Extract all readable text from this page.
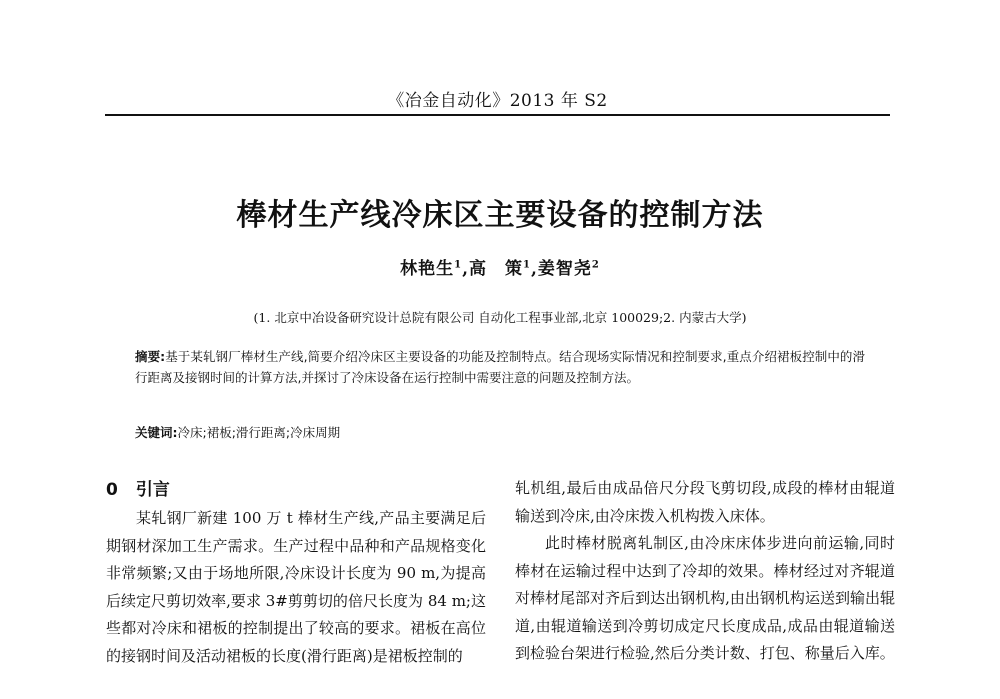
《冶金自动化》2013 年 S2
棒材生产线冷床区主要设备的控制方法
林艳生$^1$,高　策$^1$,姜智尧$^2$
(1. 北京中冶设备研究设计总院有限公司 自动化工程事业部,北京 100029;2. 内蒙古大学)
摘要:基于某轧钢厂棒材生产线,简要介绍冷床区主要设备的功能及控制特点。结合现场实际情况和控制要求,重点介绍裙板控制中的滑行距离及接钢时间的计算方法,并探讨了冷床设备在运行控制中需要注意的问题及控制方法。
关键词:冷床;裙板;滑行距离;冷床周期
0 引言

某轧钢厂新建 100 万 t 棒材生产线,产品主要满足后期钢材深加工生产需求。生产过程中品种和产品规格变化非常频繁;又由于场地所限,冷床设计长度为 90 m,为提高后续定尺剪切效率,要求 3#剪剪切的倍尺长度为 84 m;这些都对冷床和裙板的控制提出了较高的要求。裙板在高位的接钢时间及活动裙板的长度(滑行距离)是裙板控制的

轧机组,最后由成品倍尺分段飞剪切段,成段的棒材由辊道输送到冷床,由冷床拨入机构拨入床体。

此时棒材脱离轧制区,由冷床床体步进向前运输,同时棒材在运输过程中达到了冷却的效果。棒材经过对齐辊道对棒材尾部对齐后到达出钢机构,由出钢机构运送到输出辊道,由辊道输送到冷剪切成定尺长度成品,成品由辊道输送到检验台架进行检验,然后分类计数、打包、称量后入库。
